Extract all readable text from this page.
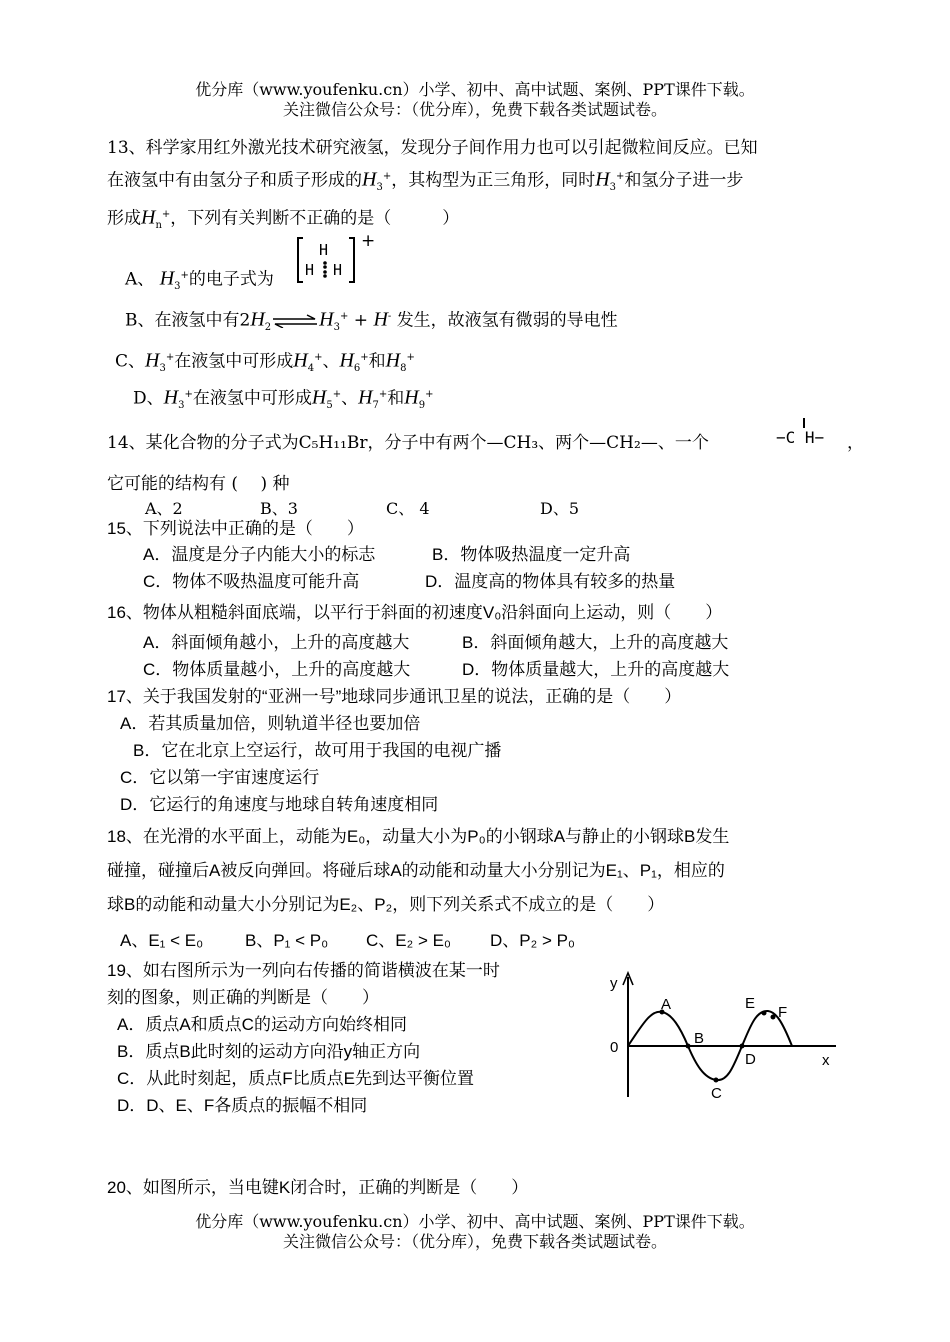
优分库（www.youfenku.cn）小学、初中、高中试题、案例、PPT课件下载。
关注微信公众号：（优分库），免费下载各类试题试卷。
13、科学家用红外激光技术研究液氢，发现分子间作用力也可以引起微粒间反应。已知
在液氢中有由氢分子和质子形成的$H_3^+$，其构型为正三角形，同时$H_3^+$和氢分子进一步
形成$H_n^+$，下列有关判断不正确的是（　　　）
A、 $H_3^+$的电子式为
H
H H
+
B、在液氢中有$2H_2\rightleftharpoons H_3^+ + H^-$ 发生，故液氢有微弱的导电性
C、$H_3^+$在液氢中可形成$H_4^+$、$H_6^+$和$H_8^+$
D、$H_3^+$在液氢中可形成$H_5^+$、$H_7^+$和$H_9^+$
14、某化合物的分子式为C₅H₁₁Br，分子中有两个—CH₃、两个—CH₂—、一个	−C H− ，
它可能的结构有 (　 ) 种
A、2	B、3	C、 4	D、5
15、下列说法中正确的是（　　）
A．温度是分子内能大小的标志	B．物体吸热温度一定升高
C．物体不吸热温度可能升高	D．温度高的物体具有较多的热量
16、物体从粗糙斜面底端，以平行于斜面的初速度V₀沿斜面向上运动，则（　　）
A．斜面倾角越小，上升的高度越大	B．斜面倾角越大，上升的高度越大
C．物体质量越小，上升的高度越大	D．物体质量越大，上升的高度越大
17、关于我国发射的“亚洲一号”地球同步通讯卫星的说法，正确的是（　　）
A．若其质量加倍，则轨道半径也要加倍
B．它在北京上空运行，故可用于我国的电视广播
C．它以第一宇宙速度运行
D．它运行的角速度与地球自转角速度相同
18、在光滑的水平面上，动能为E₀，动量大小为P₀的小钢球A与静止的小钢球B发生
碰撞，碰撞后A被反向弹回。将碰后球A的动能和动量大小分别记为E₁、P₁，相应的
球B的动能和动量大小分别记为E₂、P₂，则下列关系式不成立的是（　　）
A、E₁ < E₀ B、P₁ < P₀ C、E₂ > E₀ D、P₂ > P₀
19、如右图所示为一列向右传播的简谐横波在某一时
刻的图象，则正确的判断是（　　）
A．质点A和质点C的运动方向始终相同
B．质点B此时刻的运动方向沿y轴正方向
C．从此时刻起，质点F比质点E先到达平衡位置
D．D、E、F各质点的振幅不相同
y
x
0
A
B
C
D
E
F
20、如图所示，当电键K闭合时，正确的判断是（　　）
优分库（www.youfenku.cn）小学、初中、高中试题、案例、PPT课件下载。
关注微信公众号：（优分库），免费下载各类试题试卷。
